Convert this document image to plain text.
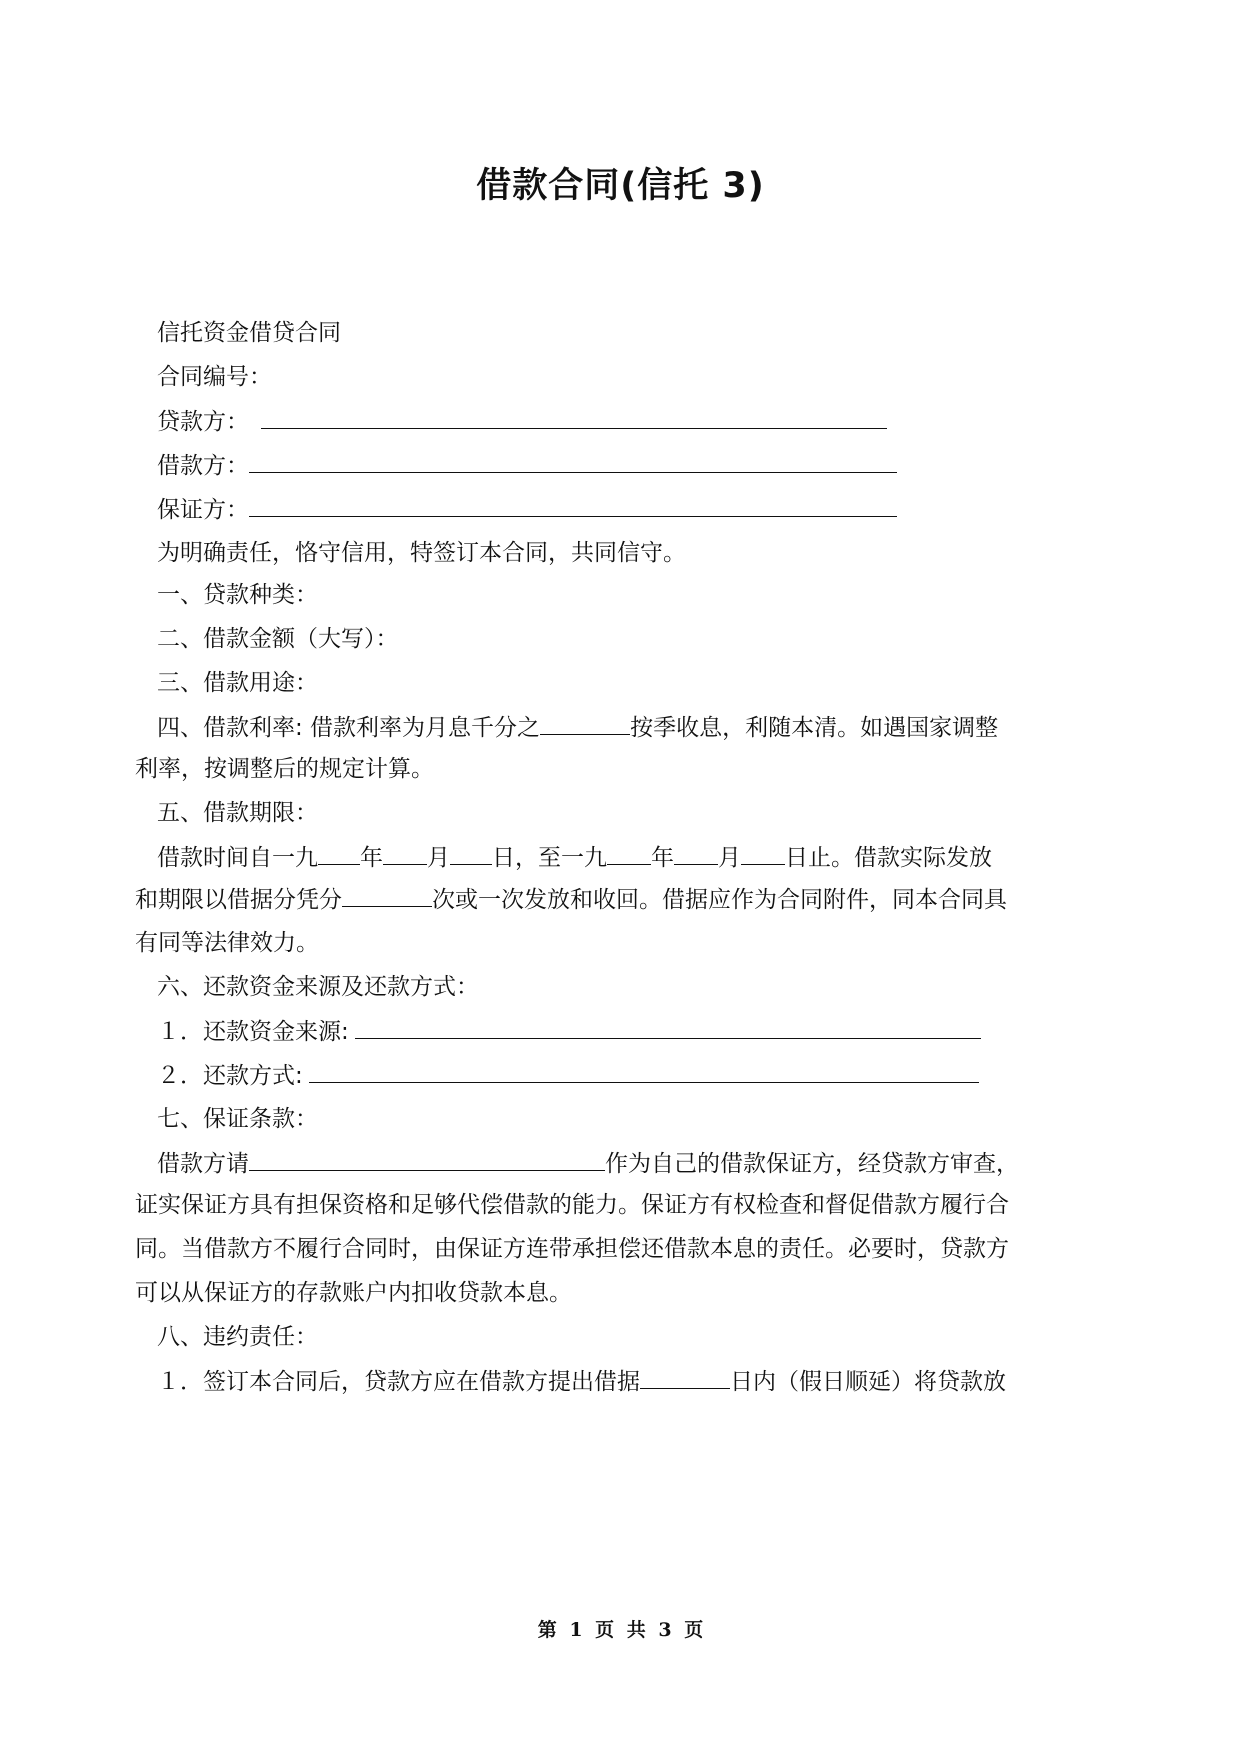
借款合同(信托 3)
信托资金借贷合同
合同编号：
贷款方：
借款方：
保证方：
为明确责任，恪守信用，特签订本合同，共同信守。
一、贷款种类：
二、借款金额（大写）：
三、借款用途：
四、借款利率: 借款利率为月息千分之	按季收息，利随本清。如遇国家调整
利率，按调整后的规定计算。
五、借款期限：
借款时间自一九 年 月 日，至一九 年 月 日止。借款实际发放
和期限以借据分凭分	次或一次发放和收回。借据应作为合同附件，同本合同具
有同等法律效力。
六、还款资金来源及还款方式：
１．还款资金来源:
２．还款方式:
七、保证条款：
借款方请	作为自己的借款保证方，经贷款方审查，
证实保证方具有担保资格和足够代偿借款的能力。保证方有权检查和督促借款方履行合
同。当借款方不履行合同时，由保证方连带承担偿还借款本息的责任。必要时，贷款方
可以从保证方的存款账户内扣收贷款本息。
八、违约责任：
１．签订本合同后，贷款方应在借款方提出借据	日内（假日顺延）将贷款放
第 1 页 共 3 页
